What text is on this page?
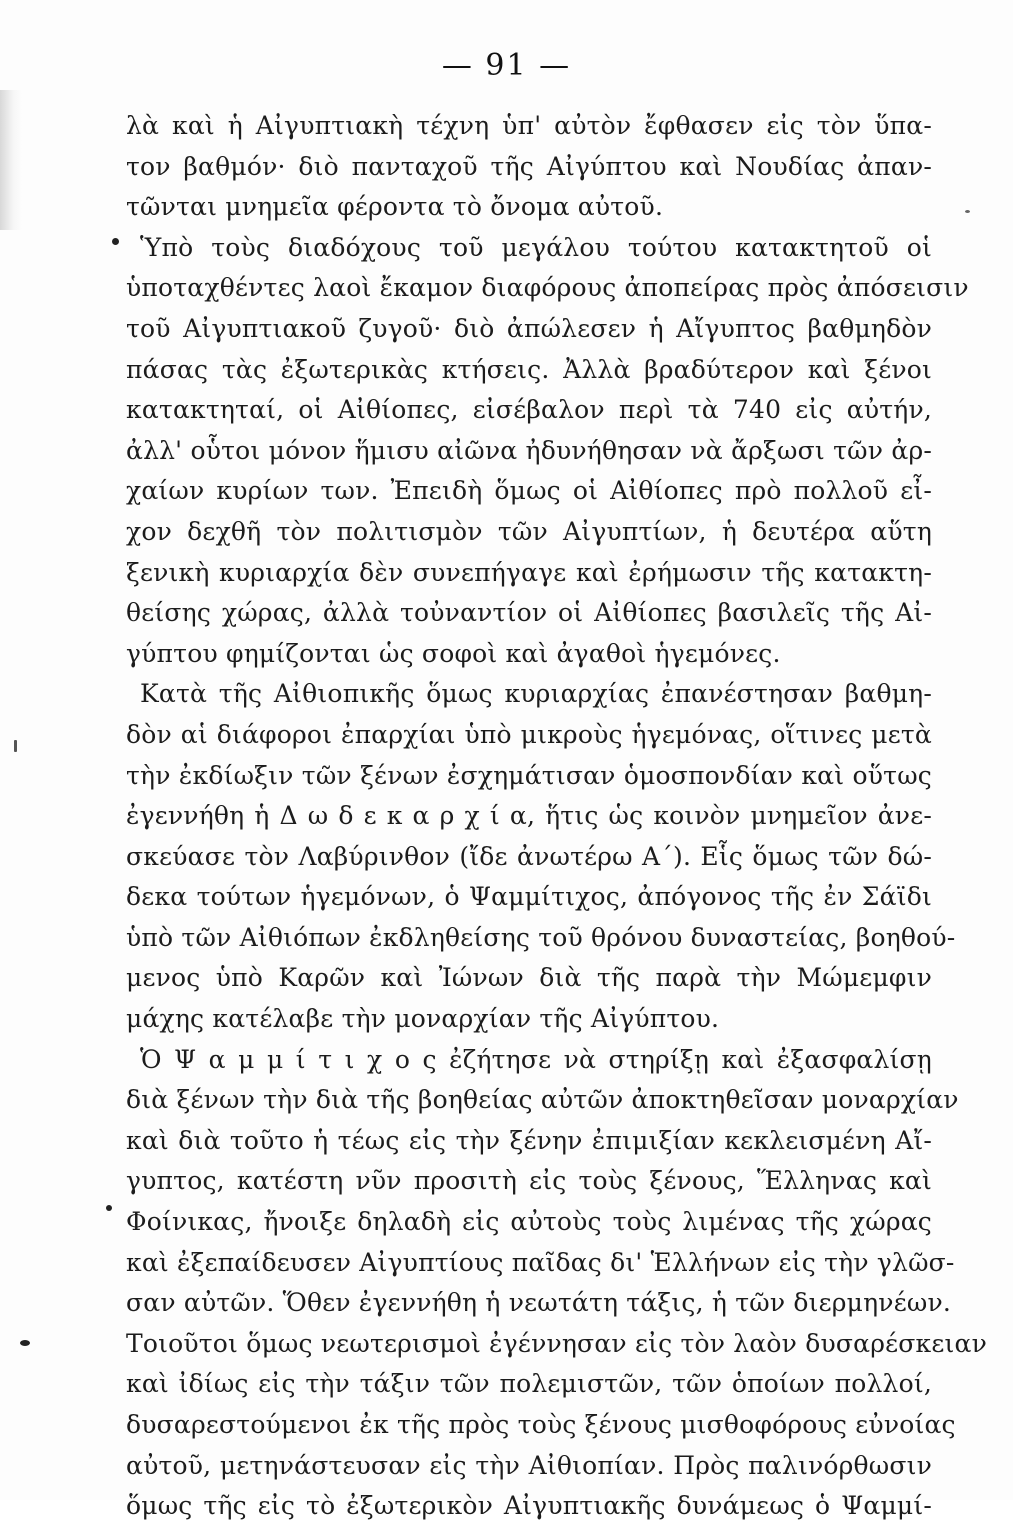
— 91 —
λὰ καὶ ἡ Αἰγυπτιακὴ τέχνη ὑπ' αὐτὸν ἔφθασεν εἰς τὸν ὕπα-
τον βαθμόν· διὸ πανταχοῦ τῆς Αἰγύπτου καὶ Νουδίας ἀπαν-
τῶνται μνημεῖα φέροντα τὸ ὄνομα αὐτοῦ.
Ὑπὸ τοὺς διαδόχους τοῦ μεγάλου τούτου κατακτητοῦ οἱ
ὑποταχθέντες λαοὶ ἔκαμον διαφόρους ἀποπείρας πρὸς ἀπόσεισιν
τοῦ Αἰγυπτιακοῦ ζυγοῦ· διὸ ἀπώλεσεν ἡ Αἴγυπτος βαθμηδὸν
πάσας τὰς ἐξωτερικὰς κτήσεις. Ἀλλὰ βραδύτερον καὶ ξένοι
κατακτηταί, οἱ Αἰθίοπες, εἰσέβαλον περὶ τὰ 740 εἰς αὐτήν,
ἀλλ' οὗτοι μόνον ἥμισυ αἰῶνα ἠδυνήθησαν νὰ ἄρξωσι τῶν ἀρ-
χαίων κυρίων των. Ἐπειδὴ ὅμως οἱ Αἰθίοπες πρὸ πολλοῦ εἶ-
χον δεχθῆ τὸν πολιτισμὸν τῶν Αἰγυπτίων, ἡ δευτέρα αὕτη
ξενικὴ κυριαρχία δὲν συνεπήγαγε καὶ ἐρήμωσιν τῆς κατακτη-
θείσης χώρας, ἀλλὰ τοὐναντίον οἱ Αἰθίοπες βασιλεῖς τῆς Αἰ-
γύπτου φημίζονται ὡς σοφοὶ καὶ ἀγαθοὶ ἡγεμόνες.
Κατὰ τῆς Αἰθιοπικῆς ὅμως κυριαρχίας ἐπανέστησαν βαθμη-
δὸν αἱ διάφοροι ἐπαρχίαι ὑπὸ μικροὺς ἡγεμόνας, οἵτινες μετὰ
τὴν ἐκδίωξιν τῶν ξένων ἐσχημάτισαν ὁμοσπονδίαν καὶ οὕτως
ἐγεννήθη ἡ Δ ω δ ε κ α ρ χ ί α, ἥτις ὡς κοινὸν μνημεῖον ἀνε-
σκεύασε τὸν Λαβύρινθον (ἴδε ἀνωτέρω Α΄). Εἷς ὅμως τῶν δώ-
δεκα τούτων ἡγεμόνων, ὁ Ψαμμίτιχος, ἀπόγονος τῆς ἐν Σάϊδι
ὑπὸ τῶν Αἰθιόπων ἐκδληθείσης τοῦ θρόνου δυναστείας, βοηθού-
μενος ὑπὸ Καρῶν καὶ Ἰώνων διὰ τῆς παρὰ τὴν Μώμεμφιν
μάχης κατέλαβε τὴν μοναρχίαν τῆς Αἰγύπτου.
Ὁ Ψ α μ μ ί τ ι χ ο ς ἐζήτησε νὰ στηρίξῃ καὶ ἐξασφαλίσῃ
διὰ ξένων τὴν διὰ τῆς βοηθείας αὐτῶν ἀποκτηθεῖσαν μοναρχίαν
καὶ διὰ τοῦτο ἡ τέως εἰς τὴν ξένην ἐπιμιξίαν κεκλεισμένη Αἴ-
γυπτος, κατέστη νῦν προσιτὴ εἰς τοὺς ξένους, Ἕλληνας καὶ
Φοίνικας, ἤνοιξε δηλαδὴ εἰς αὐτοὺς τοὺς λιμένας τῆς χώρας
καὶ ἐξεπαίδευσεν Αἰγυπτίους παῖδας δι' Ἑλλήνων εἰς τὴν γλῶσ-
σαν αὐτῶν. Ὅθεν ἐγεννήθη ἡ νεωτάτη τάξις, ἡ τῶν διερμηνέων.
Τοιοῦτοι ὅμως νεωτερισμοὶ ἐγέννησαν εἰς τὸν λαὸν δυσαρέσκειαν
καὶ ἰδίως εἰς τὴν τάξιν τῶν πολεμιστῶν, τῶν ὁποίων πολλοί,
δυσαρεστούμενοι ἐκ τῆς πρὸς τοὺς ξένους μισθοφόρους εὐνοίας
αὐτοῦ, μετηνάστευσαν εἰς τὴν Αἰθιοπίαν. Πρὸς παλινόρθωσιν
ὅμως τῆς εἰς τὸ ἐξωτερικὸν Αἰγυπτιακῆς δυνάμεως ὁ Ψαμμί-
